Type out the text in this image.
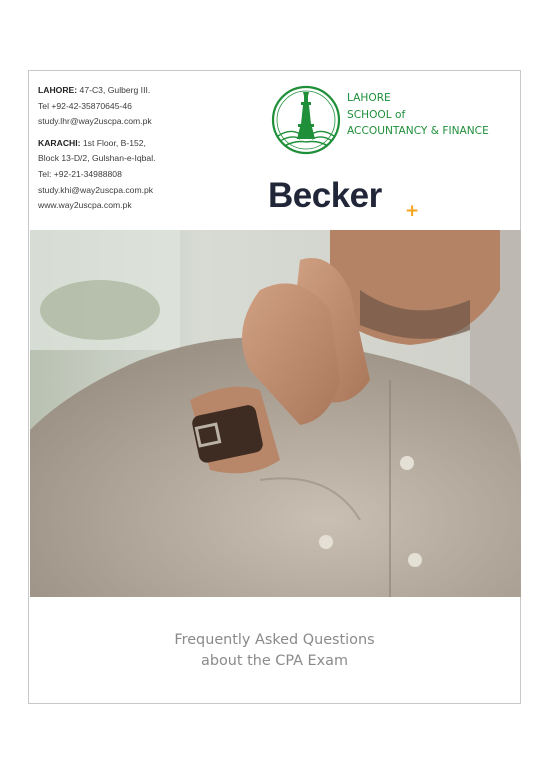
LAHORE: 47-C3, Gulberg III.
Tel +92-42-35870645-46
study.lhr@way2uscpa.com.pk
KARACHI: 1st Floor, B-152,
Block 13-D/2, Gulshan-e-Iqbal.
Tel: +92-21-34988808
study.khi@way2uscpa.com.pk
www.way2uscpa.com.pk
LAHORE
SCHOOL of
ACCOUNTANCY & FINANCE
Becker +
Frequently Asked Questions
about the CPA Exam
